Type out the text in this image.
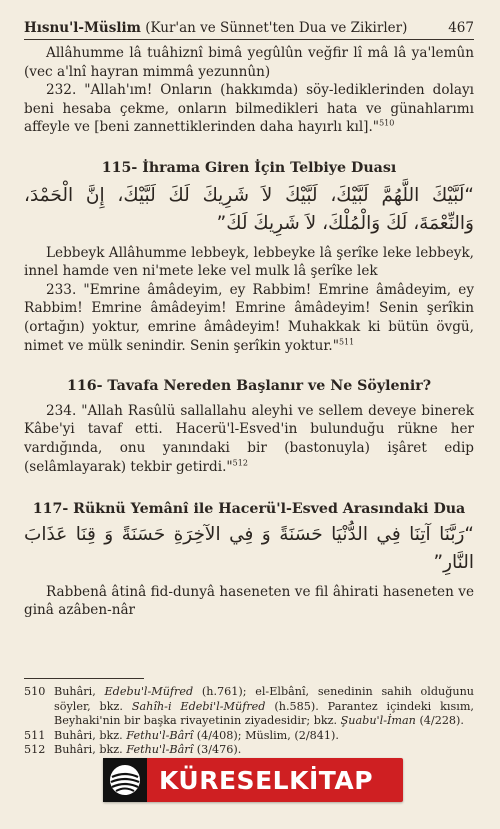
Hısnu'l-Müslim (Kur'an ve Sünnet'ten Dua ve Zikirler)	467

Allâhumme lâ tuâhiznî bimâ yegûlûn veğfir lî mâ lâ ya'lemûn (vec a'lnî hayran mimmâ yezunnûn)

232. "Allah'ım! Onların (hakkımda) söy-lediklerinden dolayı beni hesaba çekme, onların bilmedikleri hata ve günahlarımı affeyle ve [beni zannettiklerinden daha hayırlı kıl]."$^{510}$

115- İhrama Giren İçin Telbiye Duası

“لَبَّيْكَ اللَّهُمَّ لَبَّيْكَ، لَبَّيْكَ لاَ شَرِيكَ لَكَ لَبَّيْكَ، إِنَّ الْحَمْدَ، وَالنِّعْمَةَ، لَكَ وَالْمُلْكَ، لاَ شَرِيكَ لَكَ”

Lebbeyk Allâhumme lebbeyk, lebbeyke lâ şerîke leke lebbeyk, innel hamde ven ni'mete leke vel mulk lâ şerîke lek

233. "Emrine âmâdeyim, ey Rabbim! Emrine âmâdeyim, ey Rabbim! Emrine âmâdeyim! Emrine âmâdeyim! Senin şerîkin (ortağın) yoktur, emrine âmâdeyim! Muhakkak ki bütün övgü, nimet ve mülk senindir. Senin şerîkin yoktur."$^{511}$

116- Tavafa Nereden Başlanır ve Ne Söylenir?

234. "Allah Rasûlü sallallahu aleyhi ve sellem deveye binerek Kâbe'yi tavaf etti. Hacerü'l-Esved'in bulunduğu rükne her vardığında, onu yanındaki bir (bastonuyla) işâret edip (selâmlayarak) tekbir getirdi."$^{512}$

117- Rüknü Yemânî ile Hacerü'l-Esved Arasındaki Dua

“رَبَّنَا آتِنَا فِي الدُّنْيَا حَسَنَةً وَ فِي الآخِرَةِ حَسَنَةً وَ قِنَا عَذَابَ النَّارِ”

Rabbenâ âtinâ fid-dunyâ haseneten ve fil âhirati haseneten ve ginâ azâben-nâr

510 Buhâri, Edebu'l-Müfred (h.761); el-Elbânî, senedinin sahih olduğunu söyler, bkz. Sahîh-i Edebi'l-Müfred (h.585). Parantez içindeki kısım, Beyhaki'nin bir başka rivayetinin ziyadesidir; bkz. Şuabu'l-İman (4/228).
511 Buhâri, bkz. Fethu'l-Bârî (4/408); Müslim, (2/841).
512 Buhâri, bkz. Fethu'l-Bârî (3/476).
KÜRESELKİTAP
